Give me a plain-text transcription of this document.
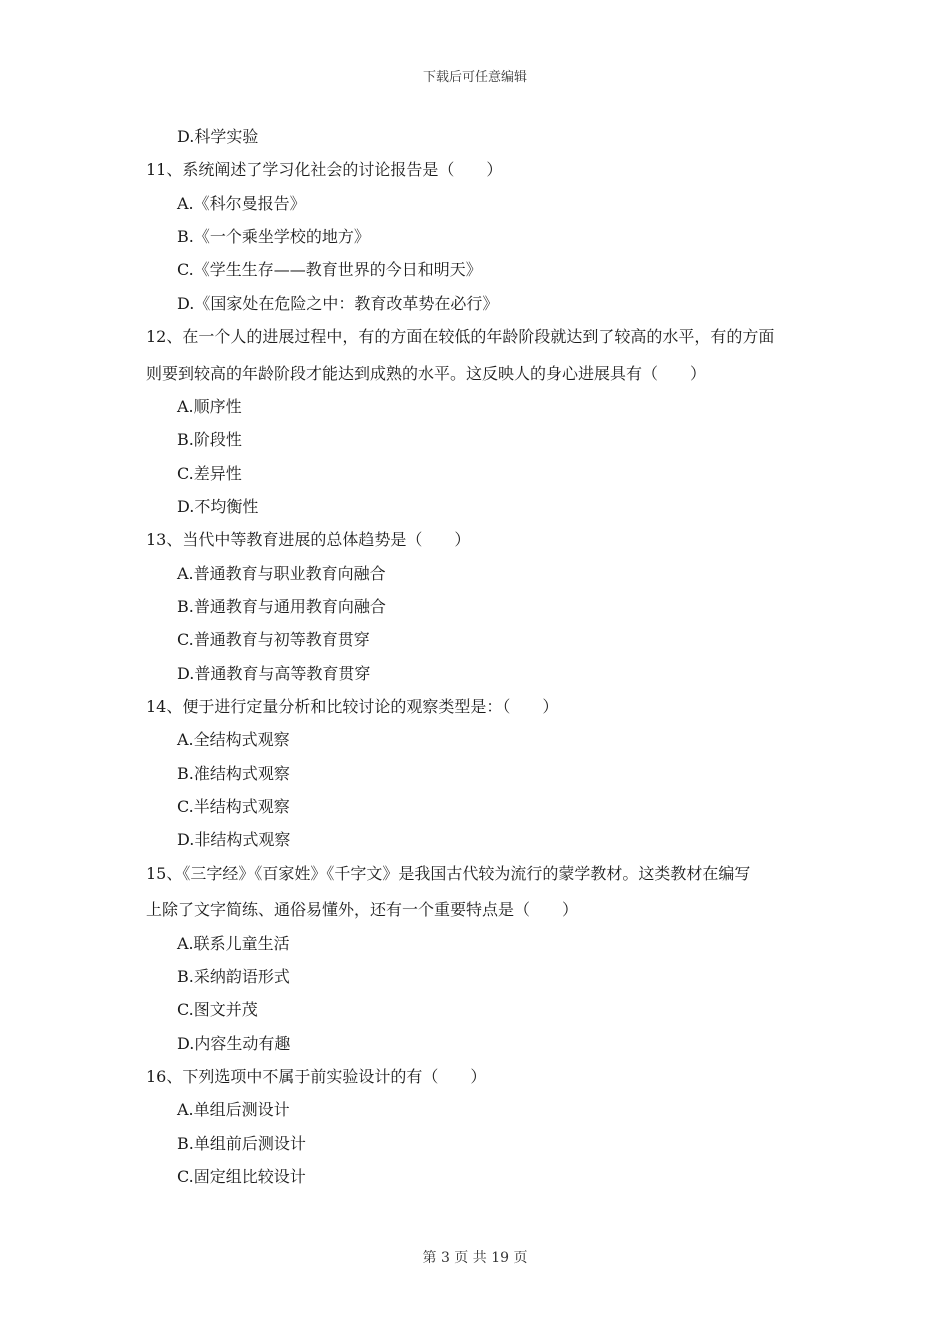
下载后可任意编辑
D.科学实验
11、系统阐述了学习化社会的讨论报告是（　　）
A.《科尔曼报告》
B.《一个乘坐学校的地方》
C.《学生生存——教育世界的今日和明天》
D.《国家处在危险之中：教育改革势在必行》
12、在一个人的进展过程中，有的方面在较低的年龄阶段就达到了较高的水平，有的方面
则要到较高的年龄阶段才能达到成熟的水平。这反映人的身心进展具有（　　）
A.顺序性
B.阶段性
C.差异性
D.不均衡性
13、当代中等教育进展的总体趋势是（　　）
A.普通教育与职业教育向融合
B.普通教育与通用教育向融合
C.普通教育与初等教育贯穿
D.普通教育与高等教育贯穿
14、便于进行定量分析和比较讨论的观察类型是：（　　）
A.全结构式观察
B.准结构式观察
C.半结构式观察
D.非结构式观察
15、《三字经》《百家姓》《千字文》是我国古代较为流行的蒙学教材。这类教材在编写
上除了文字简练、通俗易懂外，还有一个重要特点是（　　）
A.联系儿童生活
B.采纳韵语形式
C.图文并茂
D.内容生动有趣
16、下列选项中不属于前实验设计的有（　　）
A.单组后测设计
B.单组前后测设计
C.固定组比较设计
第 3 页 共 19 页
